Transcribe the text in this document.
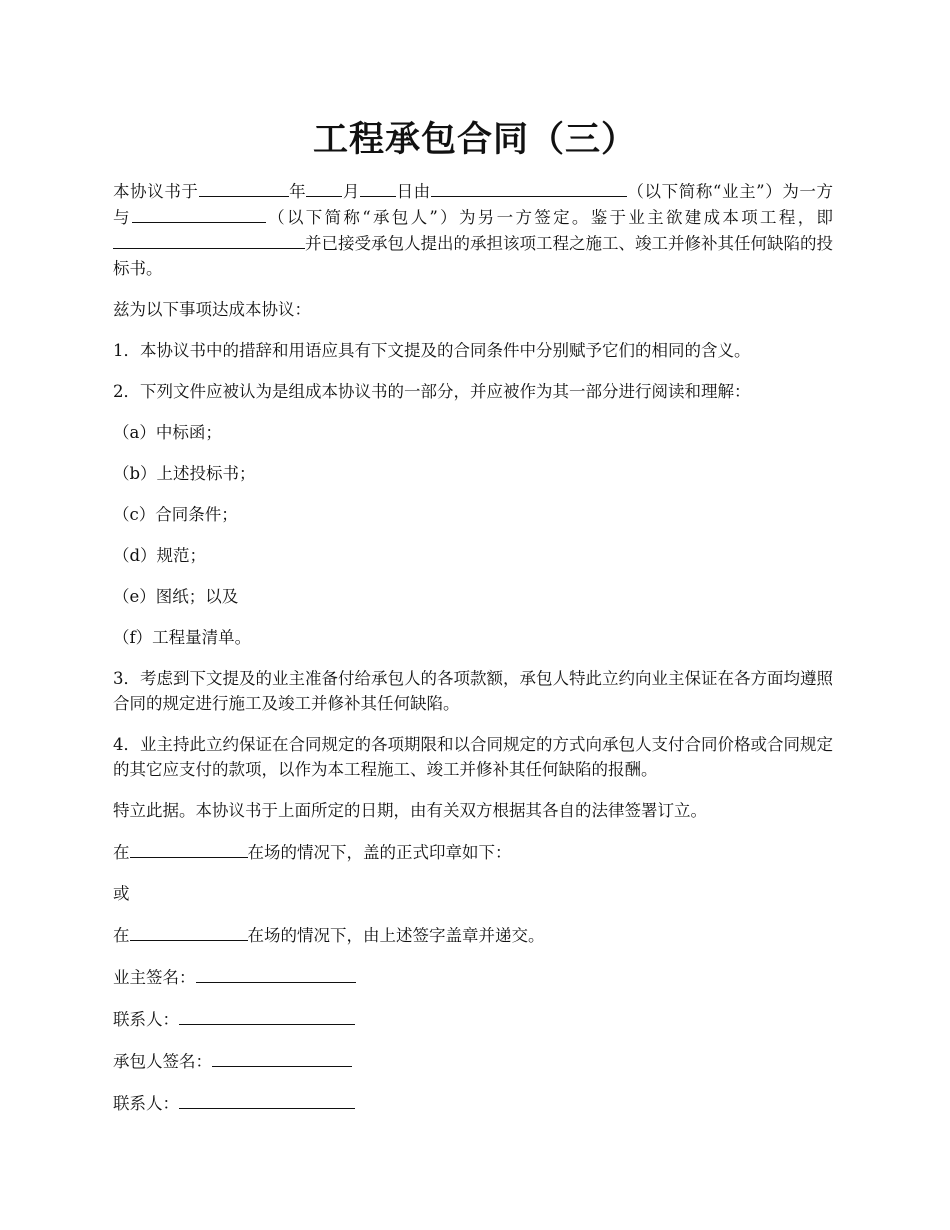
工程承包合同（三）

本协议书于	年 月 日由	（以下简称“业主”）为一方与	（以下简称“承包人”）为另一方签定。鉴于业主欲建成本项工程，即并已接受承包人提出的承担该项工程之施工、竣工并修补其任何缺陷的投标书。

兹为以下事项达成本协议：

1．本协议书中的措辞和用语应具有下文提及的合同条件中分别赋予它们的相同的含义。

2．下列文件应被认为是组成本协议书的一部分，并应被作为其一部分进行阅读和理解：

（a）中标函；

（b）上述投标书；

（c）合同条件；

（d）规范；

（e）图纸；以及

（f）工程量清单。

3．考虑到下文提及的业主准备付给承包人的各项款额，承包人特此立约向业主保证在各方面均遵照合同的规定进行施工及竣工并修补其任何缺陷。

4．业主持此立约保证在合同规定的各项期限和以合同规定的方式向承包人支付合同价格或合同规定的其它应支付的款项，以作为本工程施工、竣工并修补其任何缺陷的报酬。

特立此据。本协议书于上面所定的日期，由有关双方根据其各自的法律签署订立。

在	在场的情况下，盖的正式印章如下：

或

在	在场的情况下，由上述签字盖章并递交。

业主签名：

联系人：

承包人签名：

联系人：
